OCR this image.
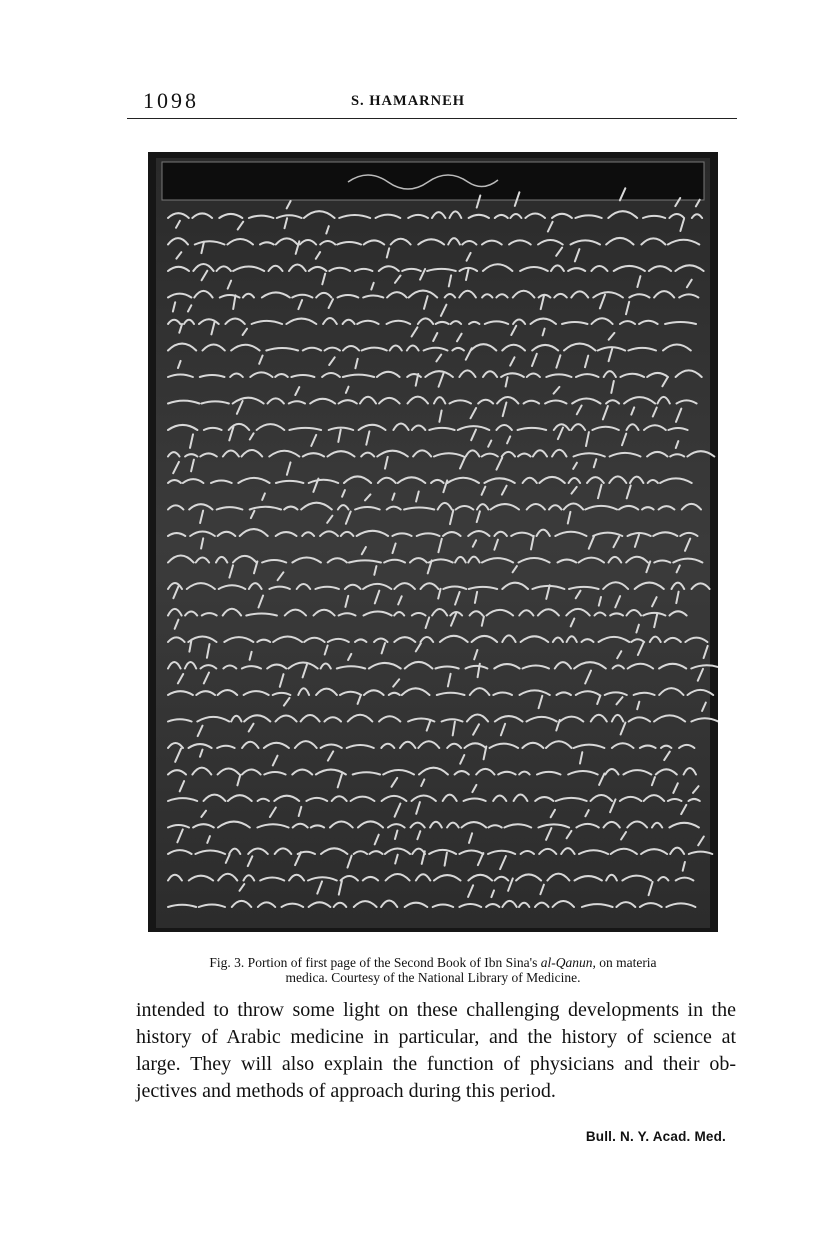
1098	S. HAMARNEH
Fig. 3. Portion of first page of the Second Book of Ibn Sina's al-Qanun, on materia
medica. Courtesy of the National Library of Medicine.
intended to throw some light on these challenging developments in the
history of Arabic medicine in particular, and the history of science at
large. They will also explain the function of physicians and their ob-
jectives and methods of approach during this period.
Bull. N. Y. Acad. Med.
